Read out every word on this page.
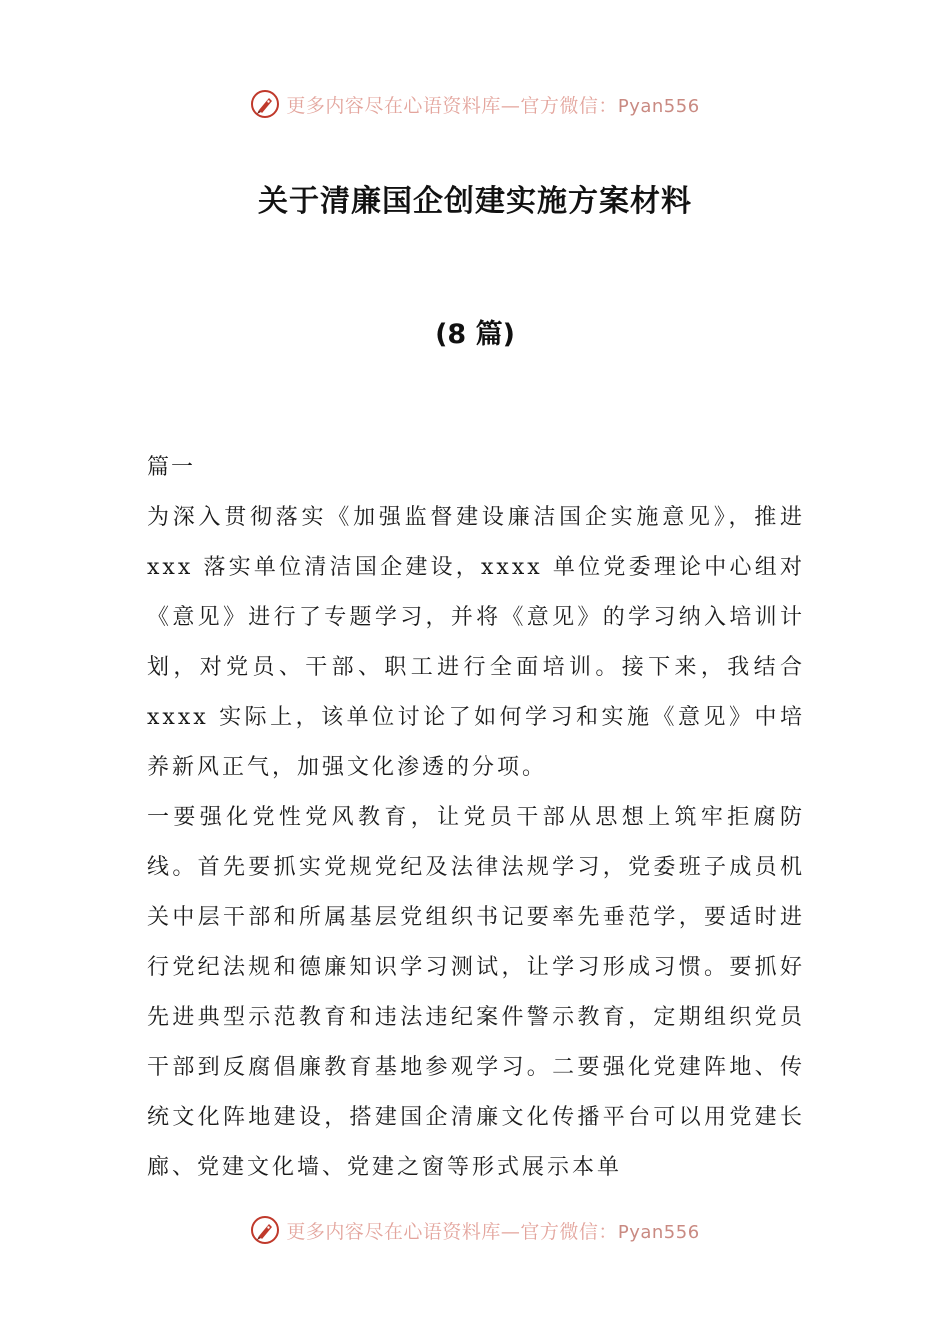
更多内容尽在心语资料库—官方微信：Pyan556
关于清廉国企创建实施方案材料
(8 篇)

篇一

为深入贯彻落实《加强监督建设廉洁国企实施意见》，推进 xxx 落实单位清洁国企建设，xxxx 单位党委理论中心组对《意见》进行了专题学习，并将《意见》的学习纳入培训计划，对党员、干部、职工进行全面培训。接下来，我结合 xxxx 实际上，该单位讨论了如何学习和实施《意见》中培养新风正气，加强文化渗透的分项。

一要强化党性党风教育，让党员干部从思想上筑牢拒腐防线。首先要抓实党规党纪及法律法规学习，党委班子成员机关中层干部和所属基层党组织书记要率先垂范学，要适时进行党纪法规和德廉知识学习测试，让学习形成习惯。要抓好先进典型示范教育和违法违纪案件警示教育，定期组织党员干部到反腐倡廉教育基地参观学习。二要强化党建阵地、传统文化阵地建设，搭建国企清廉文化传播平台可以用党建长廊、党建文化墙、党建之窗等形式展示本单

更多内容尽在心语资料库—官方微信：Pyan556
